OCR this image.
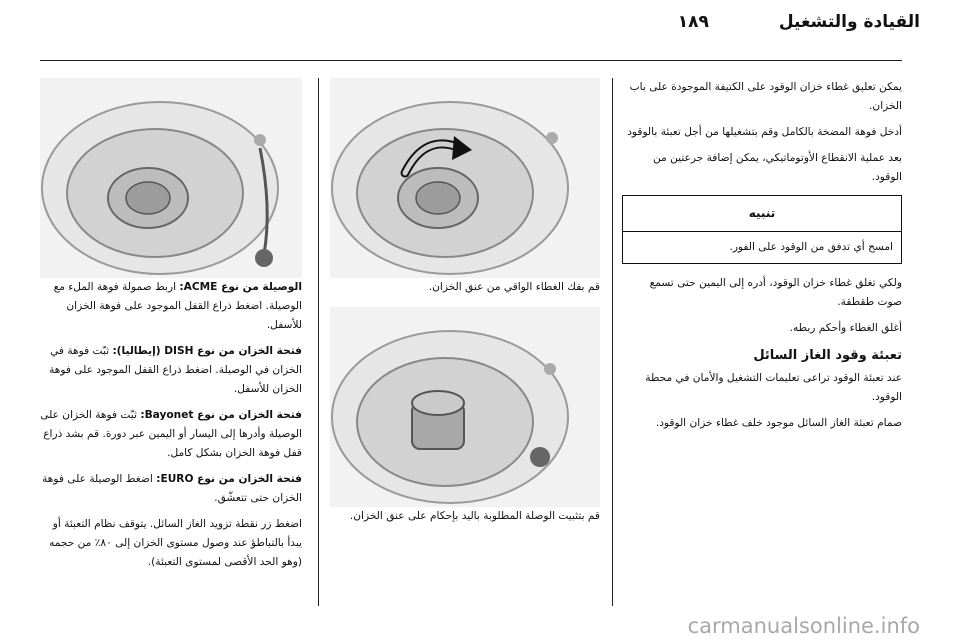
١٨٩	القيادة والتشغيل

يمكن تعليق غطاء خزان الوقود على الكتيفة الموجودة على باب الخزان.

أدخل فوهة المضخة بالكامل وقم بتشغيلها من أجل تعبئة بالوقود

بعد عملية الانقطاع الأوتوماتيكي، يمكن إضافة جرعتين من الوقود.

تنبيه
امسح أي تدفق من الوقود على الفور.

ولكي تغلق غطاء خزان الوقود، أدره إلى اليمين حتى تسمع صوت طقطقة.

أغلق الغطاء وأحكم ربطه.

تعبئة وقود الغاز السائل

عند تعبئة الوقود تراعى تعليمات التشغيل والأمان في محطة الوقود.

صمام تعبئة الغاز السائل موجود خلف غطاء خزان الوقود.

قم بفك الغطاء الواقي من عنق الخزان.

قم بتثبيت الوصلة المطلوبة باليد بإحكام على عنق الخزان.

الوصيلة من نوع ACME: اربط صمولة فوهة الملء مع الوصيلة. اضغط ذراع القفل الموجود على فوهة الخزان للأسفل.

فتحة الخزان من نوع DISH (إيطاليا): ثبّت فوهة في الخزان في الوصيلة. اضغط ذراع القفل الموجود على فوهة الخزان للأسفل.

فتحة الخزان من نوع Bayonet: ثبّت فوهة الخزان على الوصيلة وأدرها إلى اليسار أو اليمين عبر دورة. قم بشد ذراع قفل فوهة الخزان بشكل كامل.

فتحة الخزان من نوع EURO: اضغط الوصيلة على فوهة الخزان حتى تتعشّق.

اضغط زر نقطة تزويد الغاز السائل. يتوقف نظام التعبئة أو يبدأ بالتباطؤ عند وصول مستوى الخزان إلى ٨٠٪ من حجمه (وهو الحد الأقصى لمستوى التعبئة).

carmanualsonline.info
